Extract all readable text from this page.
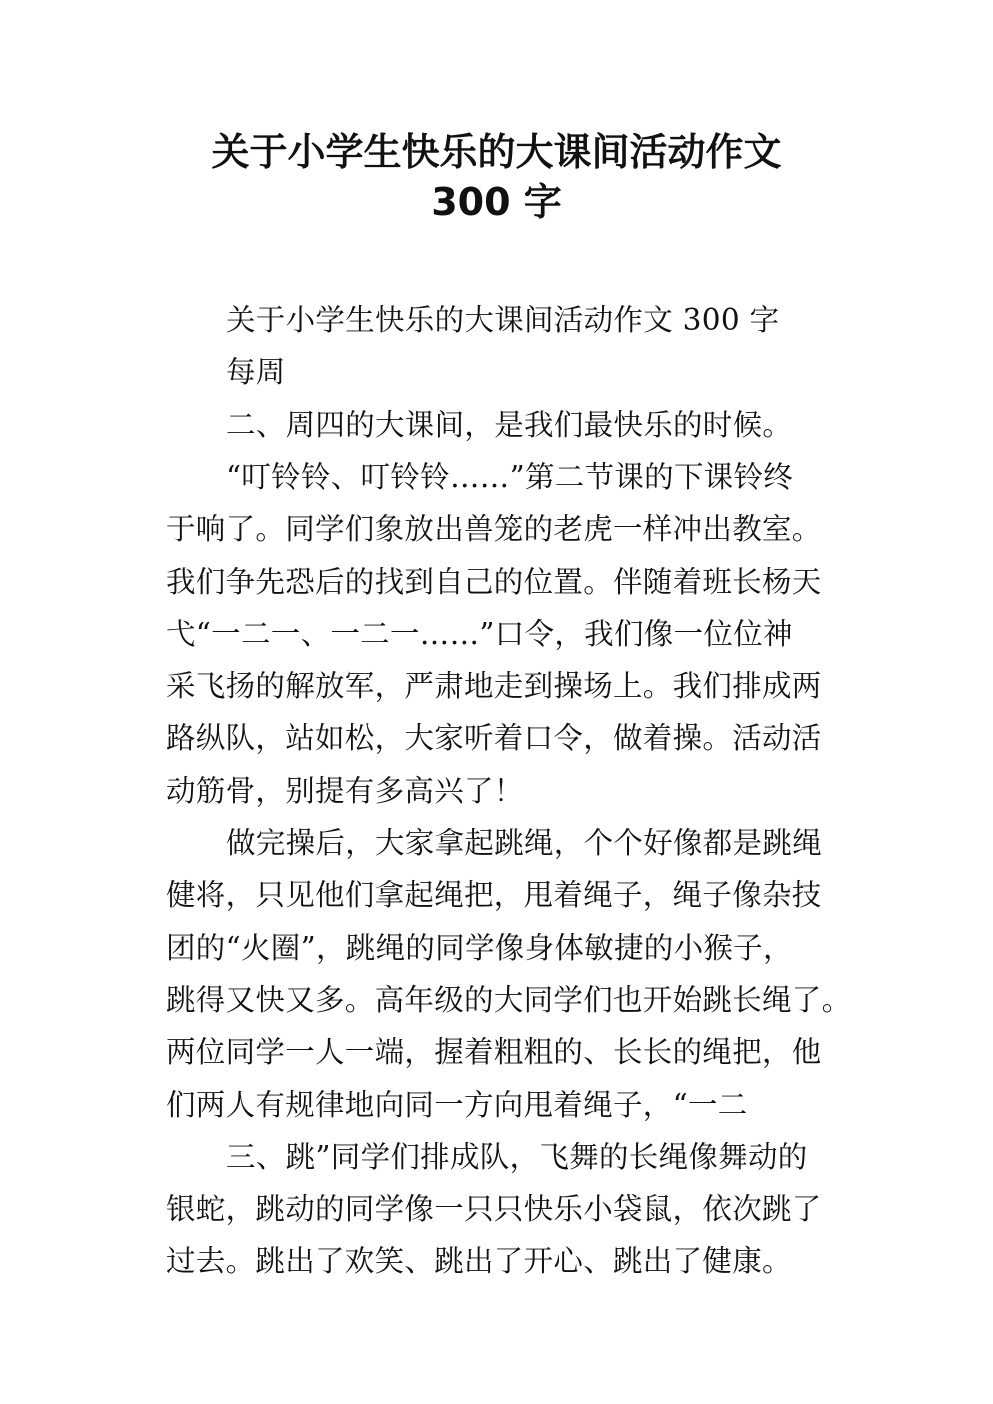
关于小学生快乐的大课间活动作文
300 字
关于小学生快乐的大课间活动作文 300 字
每周
二、周四的大课间，是我们最快乐的时候。
“叮铃铃、叮铃铃……”第二节课的下课铃终
于响了。同学们象放出兽笼的老虎一样冲出教室。
我们争先恐后的找到自己的位置。伴随着班长杨天
弋“一二一、一二一……”口令，我们像一位位神
采飞扬的解放军，严肃地走到操场上。我们排成两
路纵队，站如松，大家听着口令，做着操。活动活
动筋骨，别提有多高兴了！
做完操后，大家拿起跳绳，个个好像都是跳绳
健将，只见他们拿起绳把，甩着绳子，绳子像杂技
团的“火圈”，跳绳的同学像身体敏捷的小猴子，
跳得又快又多。高年级的大同学们也开始跳长绳了。
两位同学一人一端，握着粗粗的、长长的绳把，他
们两人有规律地向同一方向甩着绳子，“一二
三、跳”同学们排成队，飞舞的长绳像舞动的
银蛇，跳动的同学像一只只快乐小袋鼠，依次跳了
过去。跳出了欢笑、跳出了开心、跳出了健康。
